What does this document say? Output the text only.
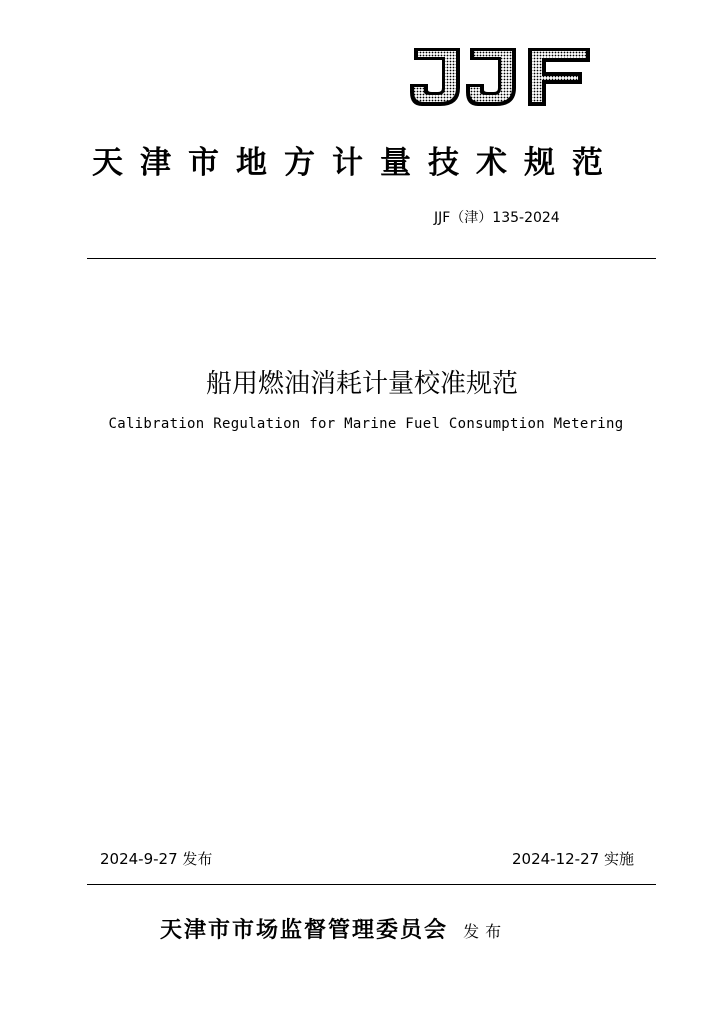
天津市地方计量技术规范
JJF（津）135-2024
船用燃油消耗计量校准规范
Calibration Regulation for Marine Fuel Consumption Metering
2024-9-27 发布	2024-12-27 实施
天津市市场监督管理委员会 发布
